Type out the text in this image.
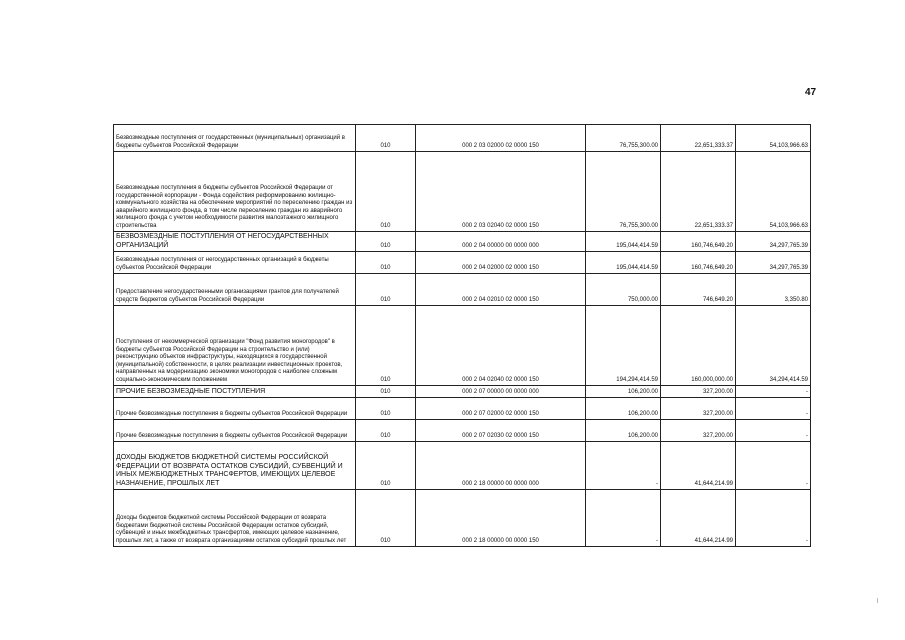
47
Безвозмездные поступления от государственных (муниципальных) организаций в бюджеты субъектов Российской Федерации	010	000 2 03 02000 02 0000 150	76,755,300.00	22,651,333.37	54,103,966.63
Безвозмездные поступления в бюджеты субъектов Российской Федерации от государственной корпорации - Фонда содействия реформированию жилищно-коммунального хозяйства на обеспечение мероприятий по переселению граждан из аварийного жилищного фонда, в том числе переселению граждан из аварийного жилищного фонда с учетом необходимости развития малоэтажного жилищного строительства	010	000 2 03 02040 02 0000 150	76,755,300.00	22,651,333.37	54,103,966.63
БЕЗВОЗМЕЗДНЫЕ ПОСТУПЛЕНИЯ ОТ НЕГОСУДАРСТВЕННЫХ ОРГАНИЗАЦИЙ	010	000 2 04 00000 00 0000 000	195,044,414.59	160,746,649.20	34,297,765.39
Безвозмездные поступления от негосударственных организаций в бюджеты субъектов Российской Федерации	010	000 2 04 02000 02 0000 150	195,044,414.59	160,746,649.20	34,297,765.39
Предоставление негосударственными организациями грантов для получателей средств бюджетов субъектов Российской Федерации	010	000 2 04 02010 02 0000 150	750,000.00	746,649.20	3,350.80
Поступления от некоммерческой организации "Фонд развития моногородов" в бюджеты субъектов Российской Федерации на строительство и (или) реконструкцию объектов инфраструктуры, находящихся в государственной (муниципальной) собственности, в целях реализации инвестиционных проектов, направленных на модернизацию экономики моногородов с наиболее сложным социально-экономическим положением	010	000 2 04 02040 02 0000 150	194,294,414.59	160,000,000.00	34,294,414.59
ПРОЧИЕ БЕЗВОЗМЕЗДНЫЕ ПОСТУПЛЕНИЯ	010	000 2 07 00000 00 0000 000	106,200.00	327,200.00	-
Прочие безвозмездные поступления в бюджеты субъектов Российской Федерации	010	000 2 07 02000 02 0000 150	106,200.00	327,200.00	-
Прочие безвозмездные поступления в бюджеты субъектов Российской Федерации	010	000 2 07 02030 02 0000 150	106,200.00	327,200.00	-
ДОХОДЫ БЮДЖЕТОВ БЮДЖЕТНОЙ СИСТЕМЫ РОССИЙСКОЙ ФЕДЕРАЦИИ ОТ ВОЗВРАТА ОСТАТКОВ СУБСИДИЙ, СУБВЕНЦИЙ И ИНЫХ МЕЖБЮДЖЕТНЫХ ТРАНСФЕРТОВ, ИМЕЮЩИХ ЦЕЛЕВОЕ НАЗНАЧЕНИЕ, ПРОШЛЫХ ЛЕТ	010	000 2 18 00000 00 0000 000	-	41,644,214.99	-
Доходы бюджетов бюджетной системы Российской Федерации от возврата бюджетами бюджетной системы Российской Федерации остатков субсидий, субвенций и иных межбюджетных трансфертов, имеющих целевое назначение, прошлых лет, а также от возврата организациями остатков субсидий прошлых лет	010	000 2 18 00000 00 0000 150	-	41,644,214.99	-
